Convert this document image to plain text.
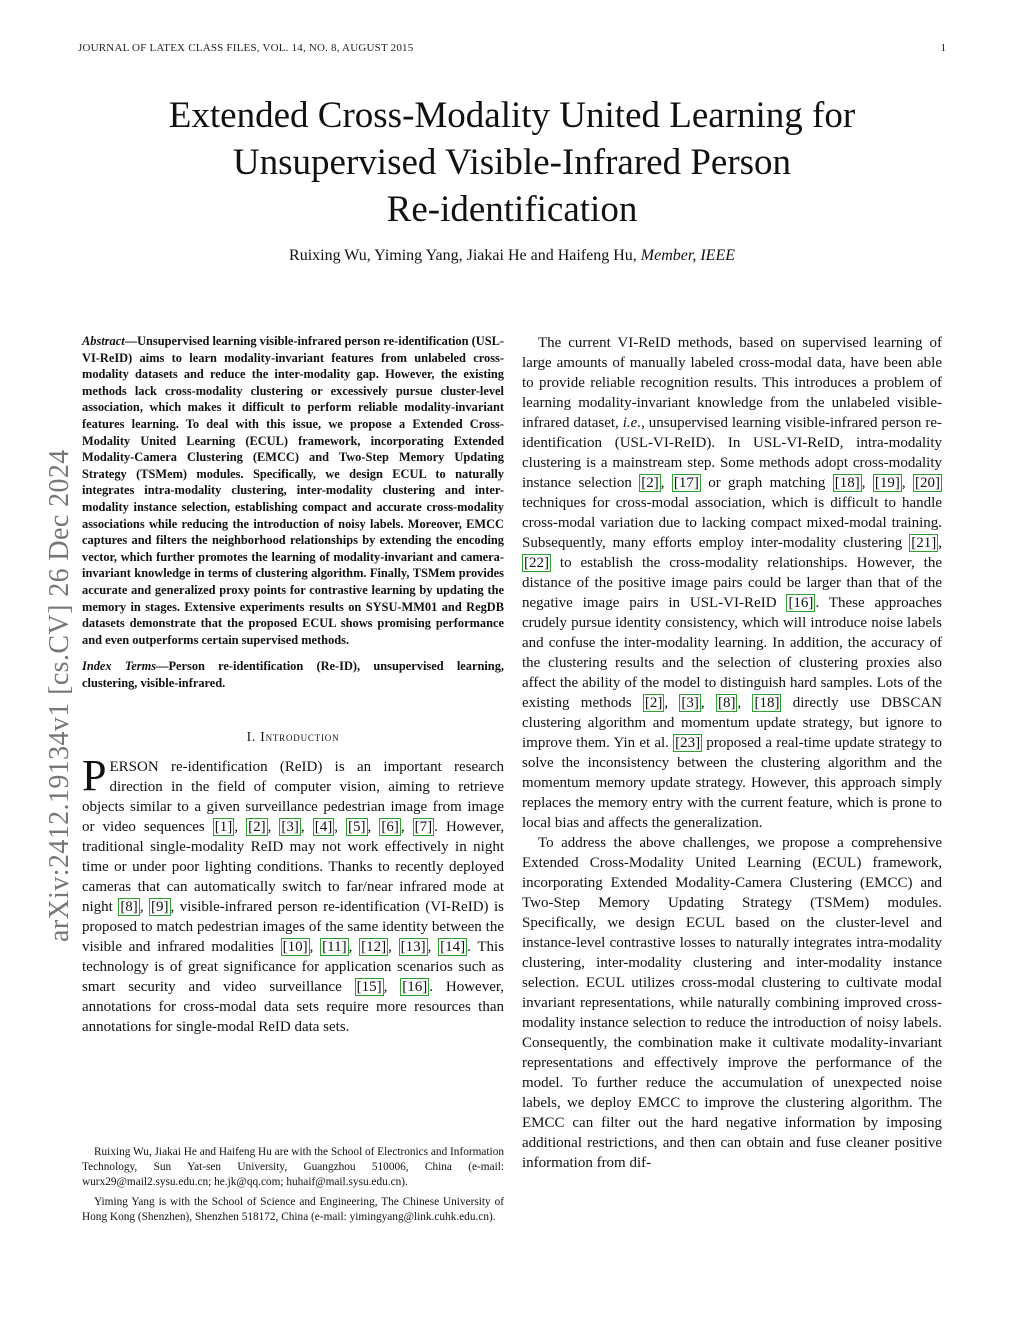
JOURNAL OF LATEX CLASS FILES, VOL. 14, NO. 8, AUGUST 2015	1
arXiv:2412.19134v1 [cs.CV] 26 Dec 2024
Extended Cross-Modality United Learning for
Unsupervised Visible-Infrared Person
Re-identification
Ruixing Wu, Yiming Yang, Jiakai He and Haifeng Hu, Member, IEEE

Abstract—Unsupervised learning visible-infrared person re-identification (USL-VI-ReID) aims to learn modality-invariant features from unlabeled cross-modality datasets and reduce the inter-modality gap. However, the existing methods lack cross-modality clustering or excessively pursue cluster-level association, which makes it difficult to perform reliable modality-invariant features learning. To deal with this issue, we propose a Extended Cross-Modality United Learning (ECUL) framework, incorporating Extended Modality-Camera Clustering (EMCC) and Two-Step Memory Updating Strategy (TSMem) modules. Specifically, we design ECUL to naturally integrates intra-modality clustering, inter-modality clustering and inter-modality instance selection, establishing compact and accurate cross-modality associations while reducing the introduction of noisy labels. Moreover, EMCC captures and filters the neighborhood relationships by extending the encoding vector, which further promotes the learning of modality-invariant and camera-invariant knowledge in terms of clustering algorithm. Finally, TSMem provides accurate and generalized proxy points for contrastive learning by updating the memory in stages. Extensive experiments results on SYSU-MM01 and RegDB datasets demonstrate that the proposed ECUL shows promising performance and even outperforms certain supervised methods.

Index Terms—Person re-identification (Re-ID), unsupervised learning, clustering, visible-infrared.

I. Introduction

PERSON re-identification (ReID) is an important research direction in the field of computer vision, aiming to retrieve objects similar to a given surveillance pedestrian image from image or video sequences [1] , [2] , [3] , [4] , [5] , [6] , [7] . However, traditional single-modality ReID may not work effectively in night time or under poor lighting conditions. Thanks to recently deployed cameras that can automatically switch to far/near infrared mode at night [8] , [9] , visible-infrared person re-identification (VI-ReID) is proposed to match pedestrian images of the same identity between the visible and infrared modalities [10] , [11] , [12] , [13] , [14] . This technology is of great significance for application scenarios such as smart security and video surveillance [15] , [16] . However, annotations for cross-modal data sets require more resources than annotations for single-modal ReID data sets.

Ruixing Wu, Jiakai He and Haifeng Hu are with the School of Electronics and Information Technology, Sun Yat-sen University, Guangzhou 510006, China (e-mail: wurx29@mail2.sysu.edu.cn; he.jk@qq.com; huhaif@mail.sysu.edu.cn).

Yiming Yang is with the School of Science and Engineering, The Chinese University of Hong Kong (Shenzhen), Shenzhen 518172, China (e-mail: yimingyang@link.cuhk.edu.cn).

The current VI-ReID methods, based on supervised learning of large amounts of manually labeled cross-modal data, have been able to provide reliable recognition results. This introduces a problem of learning modality-invariant knowledge from the unlabeled visible-infrared dataset, i.e., unsupervised learning visible-infrared person re-identification (USL-VI-ReID). In USL-VI-ReID, intra-modality clustering is a mainstream step. Some methods adopt cross-modality instance selection [2] , [17] or graph matching [18] , [19] , [20] techniques for cross-modal association, which is difficult to handle cross-modal variation due to lacking compact mixed-modal training. Subsequently, many efforts employ inter-modality clustering [21] , [22] to establish the cross-modality relationships. However, the distance of the positive image pairs could be larger than that of the negative image pairs in USL-VI-ReID [16] . These approaches crudely pursue identity consistency, which will introduce noise labels and confuse the inter-modality learning. In addition, the accuracy of the clustering results and the selection of clustering proxies also affect the ability of the model to distinguish hard samples. Lots of the existing methods [2] , [3] , [8] , [18] directly use DBSCAN clustering algorithm and momentum update strategy, but ignore to improve them. Yin et al. [23] proposed a real-time update strategy to solve the inconsistency between the clustering algorithm and the momentum memory update strategy. However, this approach simply replaces the memory entry with the current feature, which is prone to local bias and affects the generalization.

To address the above challenges, we propose a comprehensive Extended Cross-Modality United Learning (ECUL) framework, incorporating Extended Modality-Camera Clustering (EMCC) and Two-Step Memory Updating Strategy (TSMem) modules. Specifically, we design ECUL based on the cluster-level and instance-level contrastive losses to naturally integrates intra-modality clustering, inter-modality clustering and inter-modality instance selection. ECUL utilizes cross-modal clustering to cultivate modal invariant representations, while naturally combining improved cross-modality instance selection to reduce the introduction of noisy labels. Consequently, the combination make it cultivate modality-invariant representations and effectively improve the performance of the model. To further reduce the accumulation of unexpected noise labels, we deploy EMCC to improve the clustering algorithm. The EMCC can filter out the hard negative information by imposing additional restrictions, and then can obtain and fuse cleaner positive information from dif-
